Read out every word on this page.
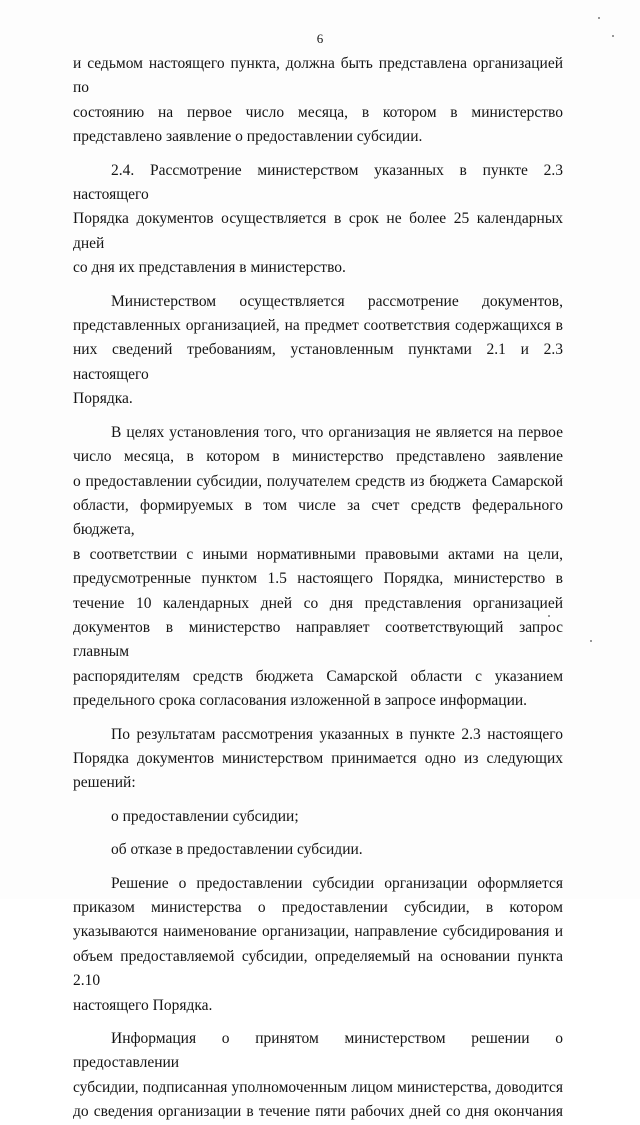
6

и седьмом настоящего пункта, должна быть представлена организацией по

состоянию на первое число месяца, в котором в министерство

представлено заявление о предоставлении субсидии.

2.4. Рассмотрение министерством указанных в пункте 2.3 настоящего

Порядка документов осуществляется в срок не более 25 календарных дней

со дня их представления в министерство.

Министерством осуществляется рассмотрение документов,

представленных организацией, на предмет соответствия содержащихся в

них сведений требованиям, установленным пунктами 2.1 и 2.3 настоящего

Порядка.

В целях установления того, что организация не является на первое

число месяца, в котором в министерство представлено заявление

о предоставлении субсидии, получателем средств из бюджета Самарской

области, формируемых в том числе за счет средств федерального бюджета,

в соответствии с иными нормативными правовыми актами на цели,

предусмотренные пунктом 1.5 настоящего Порядка, министерство в

течение 10 календарных дней со дня представления организацией

документов в министерство направляет соответствующий запрос главным

распорядителям средств бюджета Самарской области с указанием

предельного срока согласования изложенной в запросе информации.

По результатам рассмотрения указанных в пункте 2.3 настоящего

Порядка документов министерством принимается одно из следующих

решений:

о предоставлении субсидии;

об отказе в предоставлении субсидии.

Решение о предоставлении субсидии организации оформляется

приказом министерства о предоставлении субсидии, в котором

указываются наименование организации, направление субсидирования и

объем предоставляемой субсидии, определяемый на основании пункта 2.10

настоящего Порядка.

Информация о принятом министерством решении о предоставлении

субсидии, подписанная уполномоченным лицом министерства, доводится

до сведения организации в течение пяти рабочих дней со дня окончания
